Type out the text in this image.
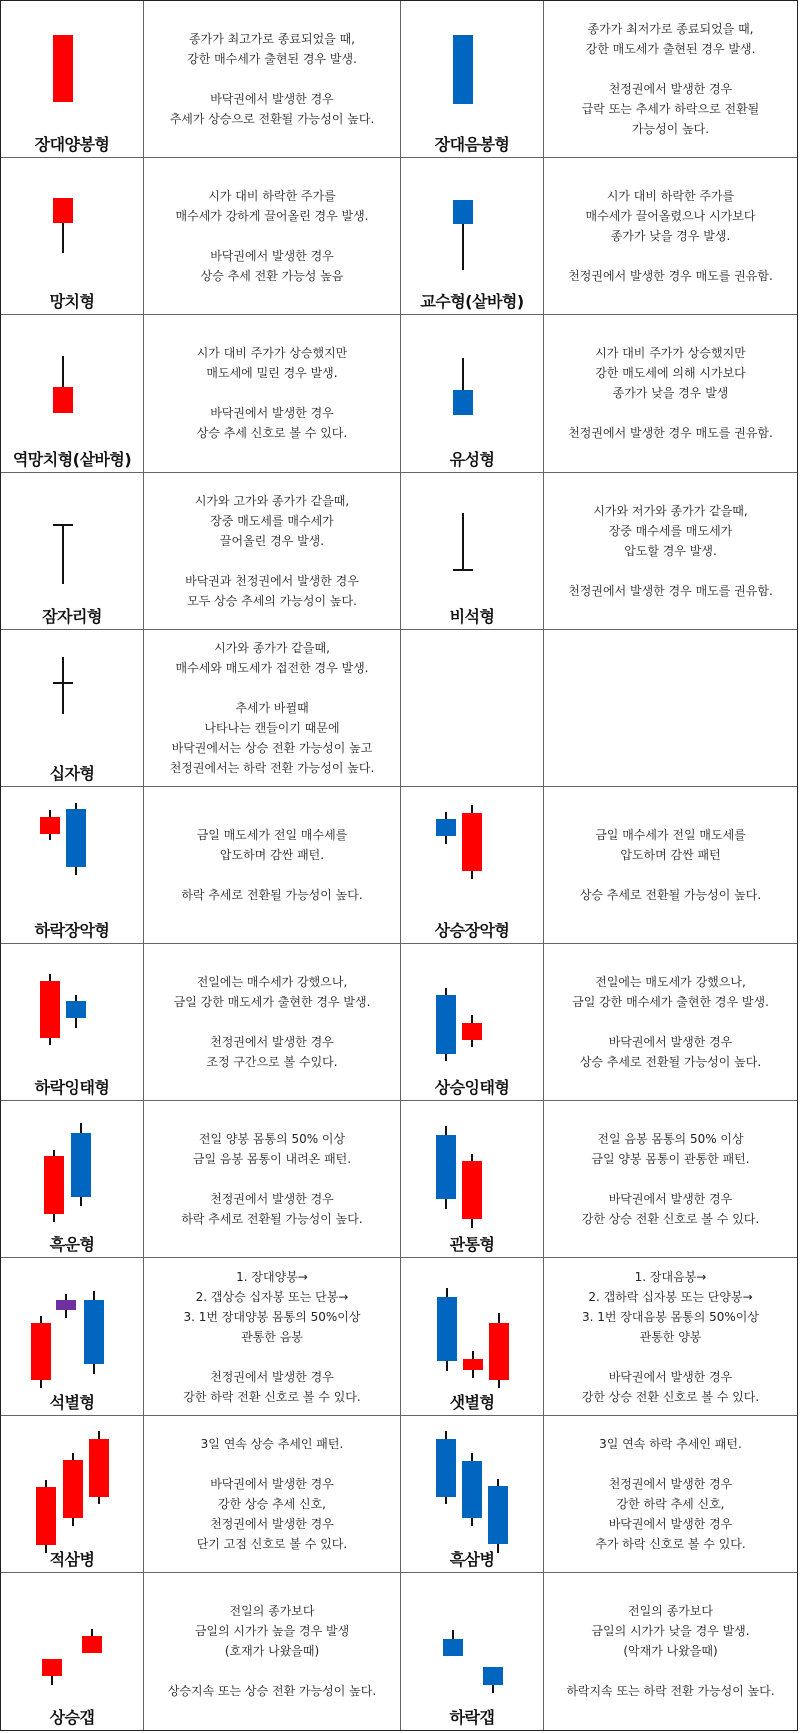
장대양봉형
종가가 최고가로 종료되었을 때,
강한 매수세가 출현된 경우 발생.
바닥권에서 발생한 경우
추세가 상승으로 전환될 가능성이 높다.
장대음봉형
종가가 최저가로 종료되었을 때,
강한 매도세가 출현된 경우 발생.
천정권에서 발생한 경우
급락 또는 추세가 하락으로 전환될
가능성이 높다.
망치형
시가 대비 하락한 주가를
매수세가 강하게 끌어올린 경우 발생.
바닥권에서 발생한 경우
상승 추세 전환 가능성 높음
교수형(샅바형)
시가 대비 하락한 주가를
매수세가 끌어올렸으나 시가보다
종가가 낮을 경우 발생.
천정권에서 발생한 경우 매도를 권유함.
역망치형(샅바형)
시가 대비 주가가 상승했지만
매도세에 밀린 경우 발생.
바닥권에서 발생한 경우
상승 추세 신호로 볼 수 있다.
유성형
시가 대비 주가가 상승했지만
강한 매도세에 의해 시가보다
종가가 낮을 경우 발생
천정권에서 발생한 경우 매도를 권유함.
잠자리형
시가와 고가와 종가가 같을때,
장중 매도세를 매수세가
끌어올린 경우 발생.
바닥권과 천정권에서 발생한 경우
모두 상승 추세의 가능성이 높다.
비석형
시가와 저가와 종가가 같을때,
장중 매수세를 매도세가
압도할 경우 발생.
천정권에서 발생한 경우 매도를 권유함.
십자형
시가와 종가가 같을때,
매수세와 매도세가 접전한 경우 발생.
추세가 바뀔때
나타나는 캔들이기 때문에
바닥권에서는 상승 전환 가능성이 높고
천정권에서는 하락 전환 가능성이 높다.
하락장악형
금일 매도세가 전일 매수세를
압도하며 감싼 패턴.
하락 추세로 전환될 가능성이 높다.
상승장악형
금일 매수세가 전일 매도세를
압도하며 감싼 패턴
상승 추세로 전환될 가능성이 높다.
하락잉태형
전일에는 매수세가 강했으나,
금일 강한 매도세가 출현한 경우 발생.
천정권에서 발생한 경우
조정 구간으로 볼 수있다.
상승잉태형
전일에는 매도세가 강했으나,
금일 강한 매수세가 출현한 경우 발생.
바닥권에서 발생한 경우
상승 추세로 전환될 가능성이 높다.
흑운형
전일 양봉 몸통의 50% 이상
금일 음봉 몸통이 내려온 패턴.
천정권에서 발생한 경우
하락 추세로 전환될 가능성이 높다.
관통형
전일 음봉 몸통의 50% 이상
금일 양봉 몸통이 관통한 패턴.
바닥권에서 발생한 경우
강한 상승 전환 신호로 볼 수 있다.
석별형
1. 장대양봉→
2. 갭상승 십자봉 또는 단봉→
3. 1번 장대양봉 몸통의 50%이상
관통한 음봉
천정권에서 발생한 경우
강한 하락 전환 신호로 볼 수 있다.	샛별형
1. 장대음봉→
2. 갭하락 십자봉 또는 단양봉→
3. 1번 장대음봉 몸통의 50%이상
관통한 양봉
바닥권에서 발생한 경우
강한 상승 전환 신호로 볼 수 있다.
적삼병
3일 연속 상승 추세인 패턴.
바닥권에서 발생한 경우
강한 상승 추세 신호,
천정권에서 발생한 경우
단기 고점 신호로 볼 수 있다.
흑삼병
3일 연속 하락 추세인 패턴.
천정권에서 발생한 경우
강한 하락 추세 신호,
바닥권에서 발생한 경우
추가 하락 신호로 볼 수 있다.
상승갭
전일의 종가보다
금일의 시가가 높을 경우 발생
(호재가 나왔을때)
상승지속 또는 상승 전환 가능성이 높다.
하락갭
전일의 종가보다
금일의 시가가 낮을 경우 발생.
(악재가 나왔을때)
하락지속 또는 하락 전환 가능성이 높다.
